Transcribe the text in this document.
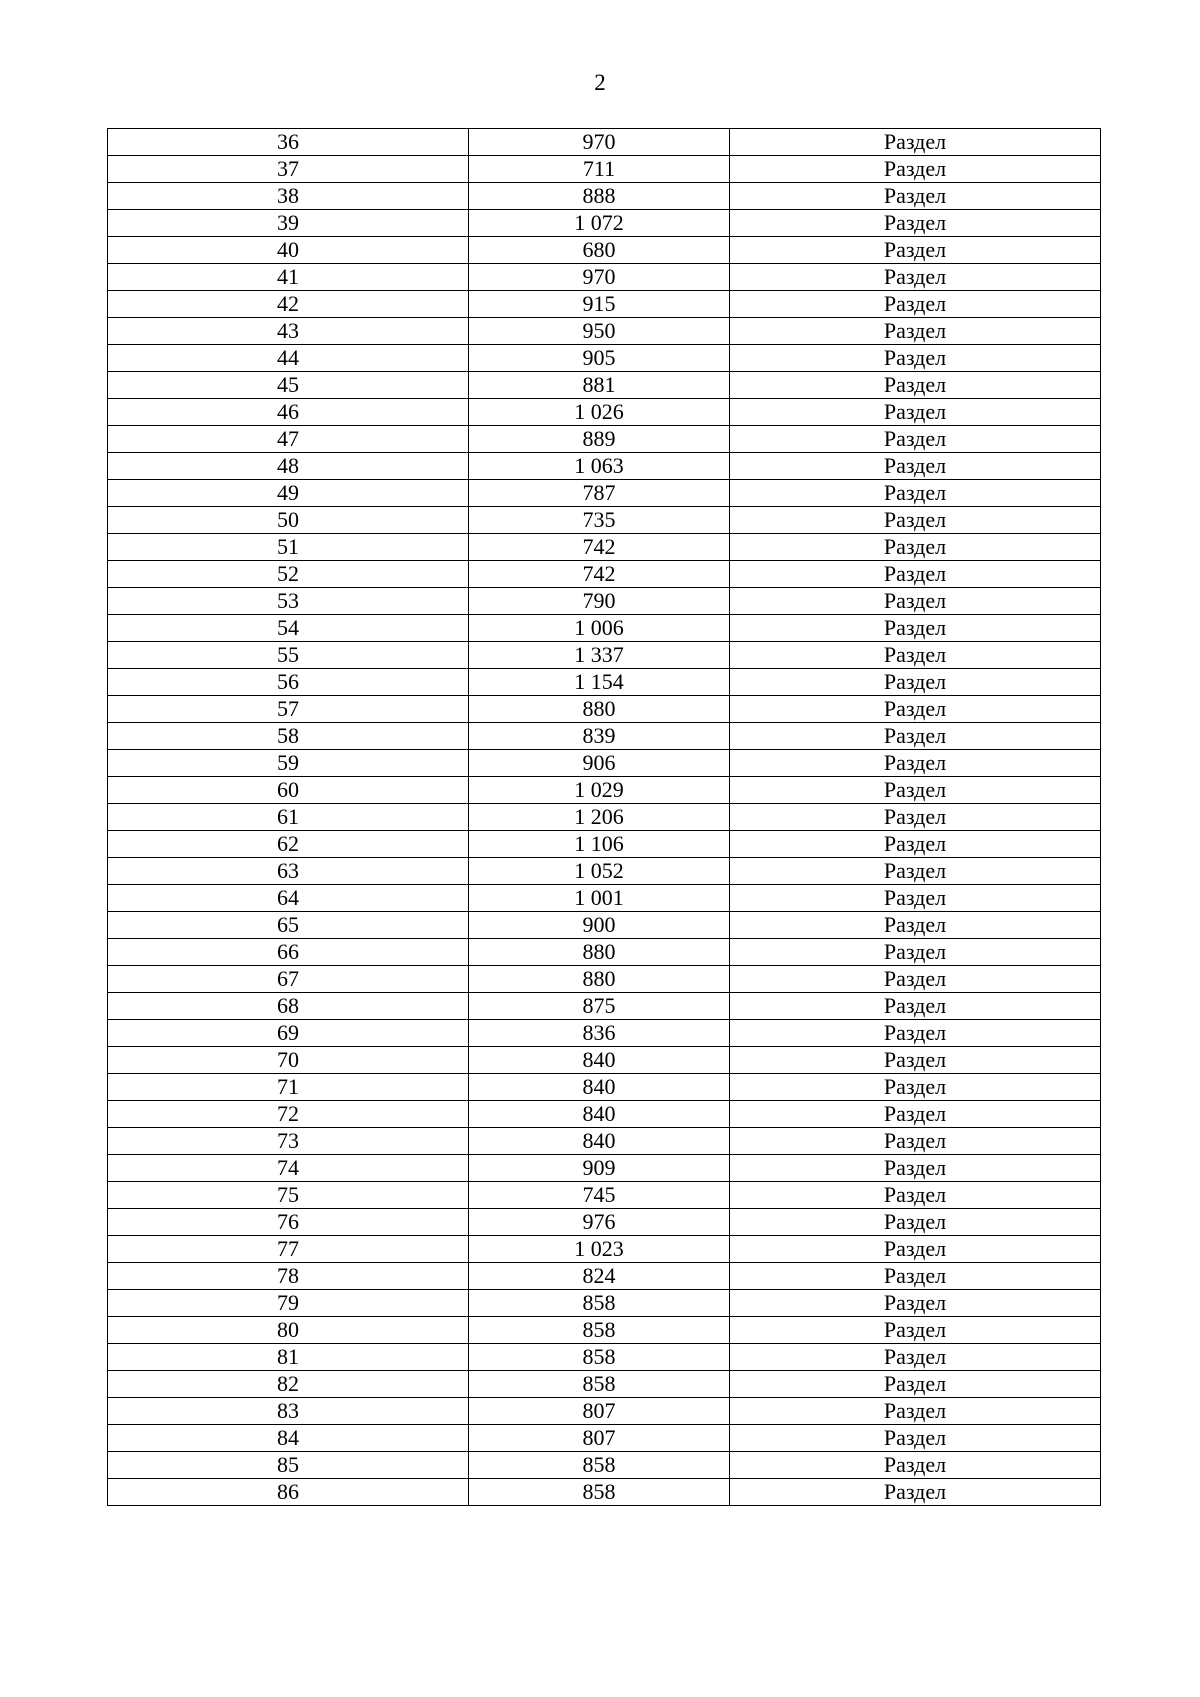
2
36	970	Раздел
37	711	Раздел
38	888	Раздел
39	1 072	Раздел
40	680	Раздел
41	970	Раздел
42	915	Раздел
43	950	Раздел
44	905	Раздел
45	881	Раздел
46	1 026	Раздел
47	889	Раздел
48	1 063	Раздел
49	787	Раздел
50	735	Раздел
51	742	Раздел
52	742	Раздел
53	790	Раздел
54	1 006	Раздел
55	1 337	Раздел
56	1 154	Раздел
57	880	Раздел
58	839	Раздел
59	906	Раздел
60	1 029	Раздел
61	1 206	Раздел
62	1 106	Раздел
63	1 052	Раздел
64	1 001	Раздел
65	900	Раздел
66	880	Раздел
67	880	Раздел
68	875	Раздел
69	836	Раздел
70	840	Раздел
71	840	Раздел
72	840	Раздел
73	840	Раздел
74	909	Раздел
75	745	Раздел
76	976	Раздел
77	1 023	Раздел
78	824	Раздел
79	858	Раздел
80	858	Раздел
81	858	Раздел
82	858	Раздел
83	807	Раздел
84	807	Раздел
85	858	Раздел
86	858	Раздел
